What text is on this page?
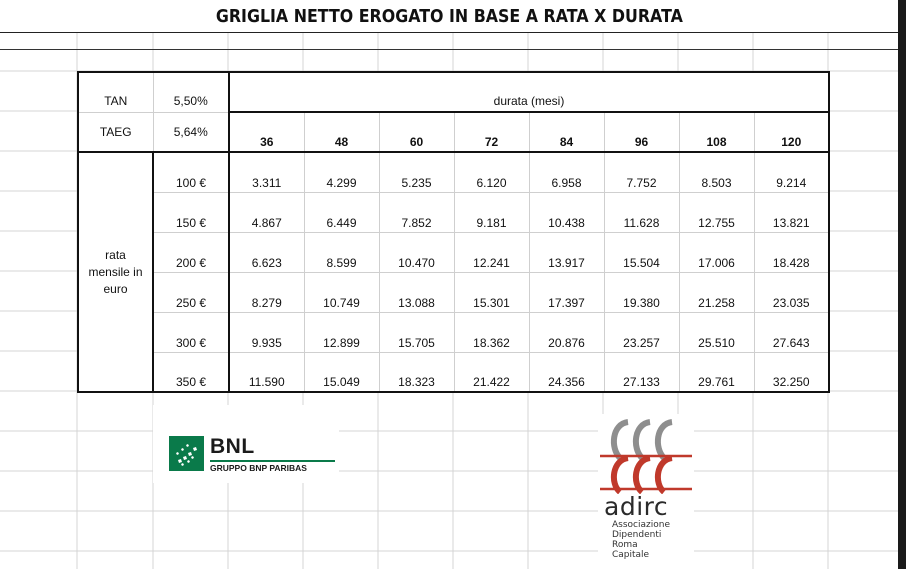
GRIGLIA NETTO EROGATO IN BASE A RATA X DURATA
TAN	5,50%	durata (mesi)							
TAEG	5,64%	36	48	60	72	84	96	108	120

rata
mensile in
euro	100 €	3.311	4.299	5.235	6.120	6.958	7.752	8.503	9.214
	150 €	4.867	6.449	7.852	9.181	10.438	11.628	12.755	13.821
	200 €	6.623	8.599	10.470	12.241	13.917	15.504	17.006	18.428
	250 €	8.279	10.749	13.088	15.301	17.397	19.380	21.258	23.035
	300 €	9.935	12.899	15.705	18.362	20.876	23.257	25.510	27.643
	350 €	11.590	15.049	18.323	21.422	24.356	27.133	29.761	32.250
BNL
GRUPPO BNP PARIBAS
adirc
Associazione
Dipendenti
Roma
Capitale
